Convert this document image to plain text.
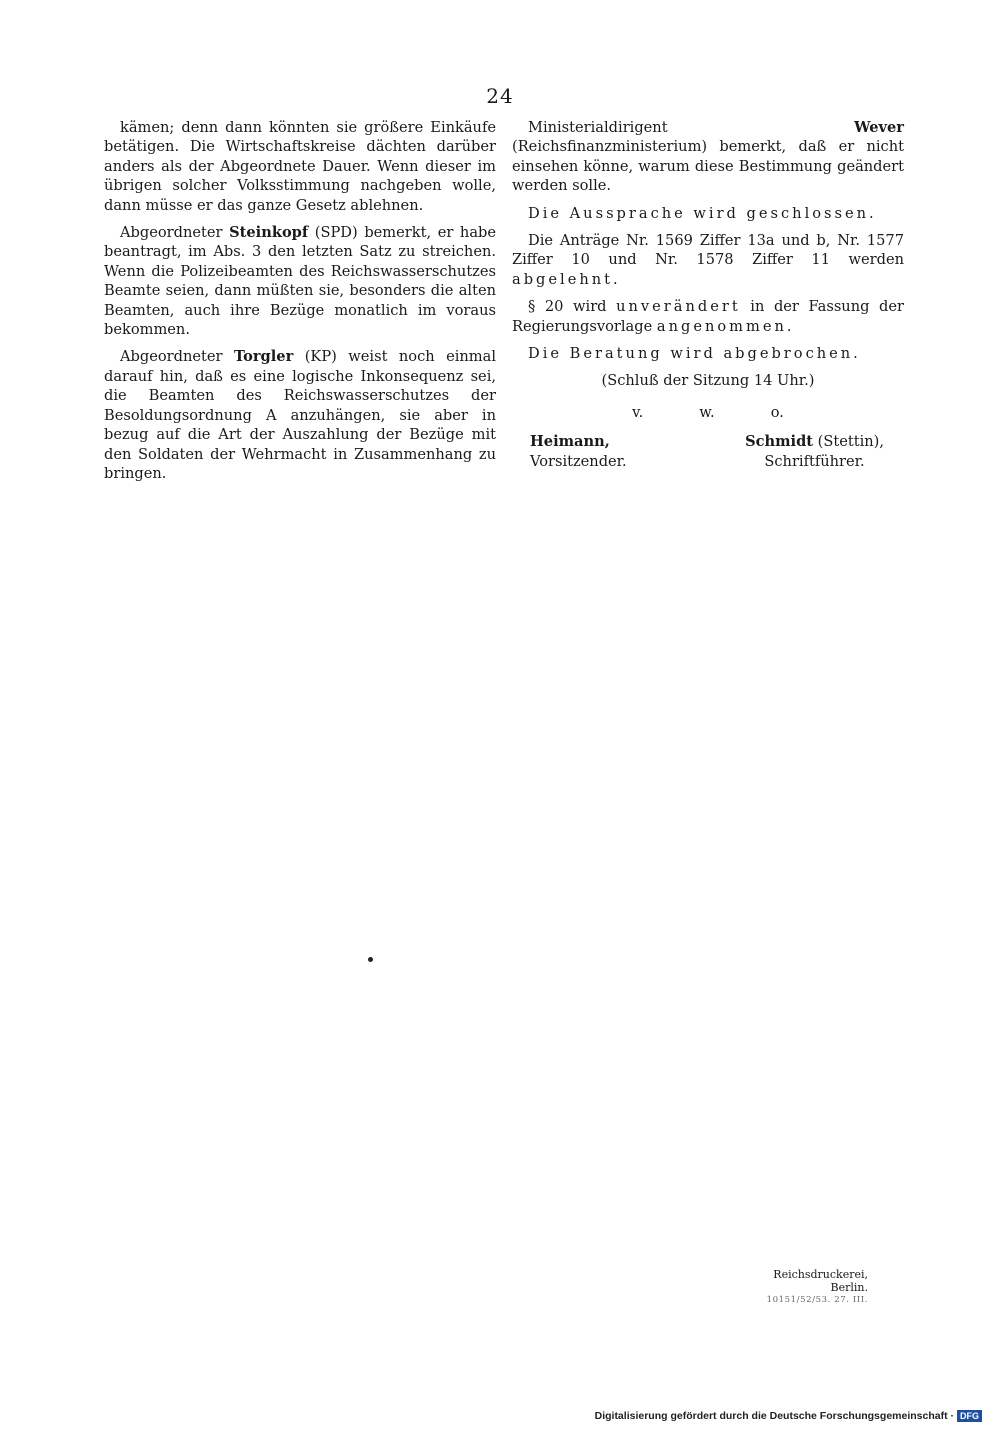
24

kämen; denn dann könnten sie größere Einkäufe betätigen. Die Wirtschaftskreise dächten darüber anders als der Abgeordnete Dauer. Wenn dieser im übrigen solcher Volksstimmung nachgeben wolle, dann müsse er das ganze Gesetz ablehnen.

Abgeordneter Steinkopf (SPD) bemerkt, er habe beantragt, im Abs. 3 den letzten Satz zu streichen. Wenn die Polizeibeamten des Reichswasserschutzes Beamte seien, dann müßten sie, besonders die alten Beamten, auch ihre Bezüge monatlich im voraus bekommen.

Abgeordneter Torgler (KP) weist noch einmal darauf hin, daß es eine logische Inkonsequenz sei, die Beamten des Reichswasserschutzes der Besoldungsordnung A anzuhängen, sie aber in bezug auf die Art der Auszahlung der Bezüge mit den Soldaten der Wehrmacht in Zusammenhang zu bringen.

Ministerialdirigent	Wever (Reichsfinanzministerium) bemerkt, daß er nicht einsehen könne, warum diese Bestimmung geändert werden solle.

Die Aussprache wird geschlossen.

Die Anträge Nr. 1569 Ziffer 13a und b, Nr. 1577 Ziffer 10 und Nr. 1578 Ziffer 11 werden abgelehnt.

§ 20 wird unverändert in der Fassung der Regierungsvorlage angenommen.

Die Beratung wird abgebrochen.

(Schluß der Sitzung 14 Uhr.)

v.	w.	o.
Heimann,
Vorsitzender.
Schmidt (Stettin),
Schriftführer.
Reichsdruckerei, Berlin.
10151/52/53. 27. III.
Digitalisierung gefördert durch die Deutsche Forschungsgemeinschaft · DFG
